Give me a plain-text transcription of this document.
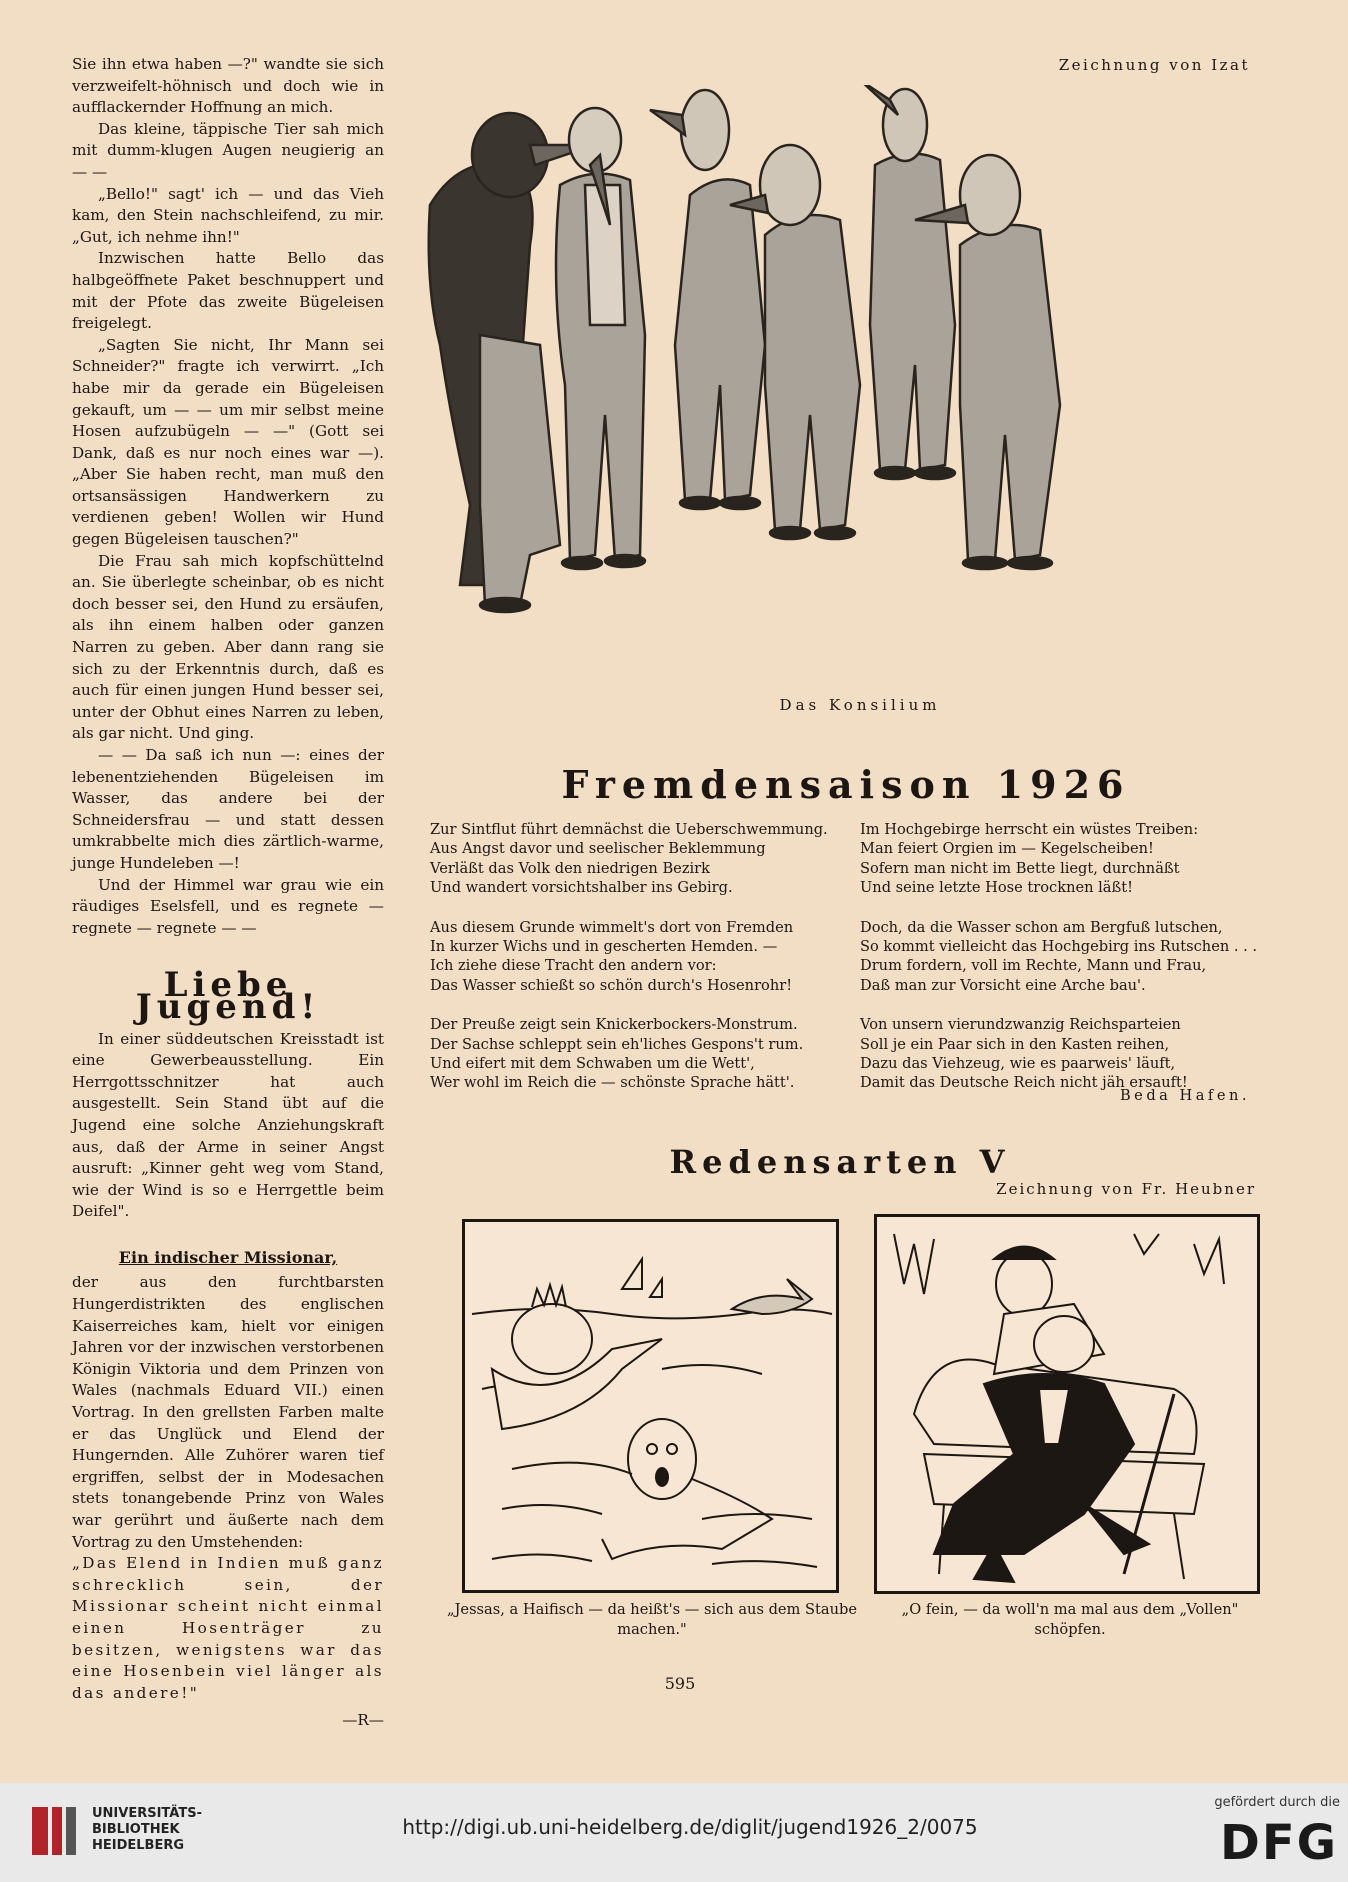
Sie ihn etwa haben —?" wandte sie sich verzweifelt-höhnisch und doch wie in aufflackernder Hoffnung an mich.

Das kleine, täppische Tier sah mich mit dumm-klugen Augen neugierig an — —

„Bello!" sagt' ich — und das Vieh kam, den Stein nachschleifend, zu mir. „Gut, ich nehme ihn!"

Inzwischen hatte Bello das halbgeöffnete Paket beschnuppert und mit der Pfote das zweite Bügeleisen freigelegt.

„Sagten Sie nicht, Ihr Mann sei Schneider?" fragte ich verwirrt. „Ich habe mir da gerade ein Bügeleisen gekauft, um — — um mir selbst meine Hosen aufzubügeln — —" (Gott sei Dank, daß es nur noch eines war —). „Aber Sie haben recht, man muß den ortsansässigen Handwerkern zu verdienen geben! Wollen wir Hund gegen Bügeleisen tauschen?"

Die Frau sah mich kopfschüttelnd an. Sie überlegte scheinbar, ob es nicht doch besser sei, den Hund zu ersäufen, als ihn einem halben oder ganzen Narren zu geben. Aber dann rang sie sich zu der Erkenntnis durch, daß es auch für einen jungen Hund besser sei, unter der Obhut eines Narren zu leben, als gar nicht. Und ging.

— — Da saß ich nun —: eines der lebenentziehenden Bügeleisen im Wasser, das andere bei der Schneidersfrau — und statt dessen umkrabbelte mich dies zärtlich-warme, junge Hundeleben —!

Und der Himmel war grau wie ein räudiges Eselsfell, und es regnete — regnete — regnete — —

Liebe Jugend!

In einer süddeutschen Kreisstadt ist eine Gewerbeausstellung. Ein Herrgottsschnitzer hat auch ausgestellt. Sein Stand übt auf die Jugend eine solche Anziehungskraft aus, daß der Arme in seiner Angst ausruft: „Kinner geht weg vom Stand, wie der Wind is so e Herrgettle beim Deifel".

Ein indischer Missionar,

der aus den furchtbarsten Hungerdistrikten des englischen Kaiserreiches kam, hielt vor einigen Jahren vor der inzwischen verstorbenen Königin Viktoria und dem Prinzen von Wales (nachmals Eduard VII.) einen Vortrag. In den grellsten Farben malte er das Unglück und Elend der Hungernden. Alle Zuhörer waren tief ergriffen, selbst der in Modesachen stets tonangebende Prinz von Wales war gerührt und äußerte nach dem Vortrag zu den Umstehenden:

„Das Elend in Indien muß ganz schrecklich sein, der Missionar scheint nicht einmal einen Hosenträger zu besitzen, wenigstens war das eine Hosenbein viel länger als das andere!"

—R—
Zeichnung von Izat
Das Konsilium
Fremdensaison 1926
Zur Sintflut führt demnächst die Ueberschwemmung.
Aus Angst davor und seelischer Beklemmung
Verläßt das Volk den niedrigen Bezirk
Und wandert vorsichtshalber ins Gebirg.
Aus diesem Grunde wimmelt's dort von Fremden
In kurzer Wichs und in gescherten Hemden. —
Ich ziehe diese Tracht den andern vor:
Das Wasser schießt so schön durch's Hosenrohr!
Der Preuße zeigt sein Knickerbockers-Monstrum.
Der Sachse schleppt sein eh'liches Gespons't rum.
Und eifert mit dem Schwaben um die Wett',
Wer wohl im Reich die — schönste Sprache hätt'.
Im Hochgebirge herrscht ein wüstes Treiben:
Man feiert Orgien im — Kegelscheiben!
Sofern man nicht im Bette liegt, durchnäßt
Und seine letzte Hose trocknen läßt!
Doch, da die Wasser schon am Bergfuß lutschen,
So kommt vielleicht das Hochgebirg ins Rutschen . . .
Drum fordern, voll im Rechte, Mann und Frau,
Daß man zur Vorsicht eine Arche bau'.
Von unsern vierundzwanzig Reichsparteien
Soll je ein Paar sich in den Kasten reihen,
Dazu das Viehzeug, wie es paarweis' läuft,
Damit das Deutsche Reich nicht jäh ersauft!
Beda Hafen.
Redensarten V
Zeichnung von Fr. Heubner
„Jessas, a Haifisch — da heißt's — sich aus dem Staube machen."
„O fein, — da woll'n ma mal aus dem „Vollen" schöpfen.
595
UNIVERSITÄTS-
BIBLIOTHEK
HEIDELBERG
http://digi.ub.uni-heidelberg.de/diglit/jugend1926_2/0075
gefördert durch die
DFG
